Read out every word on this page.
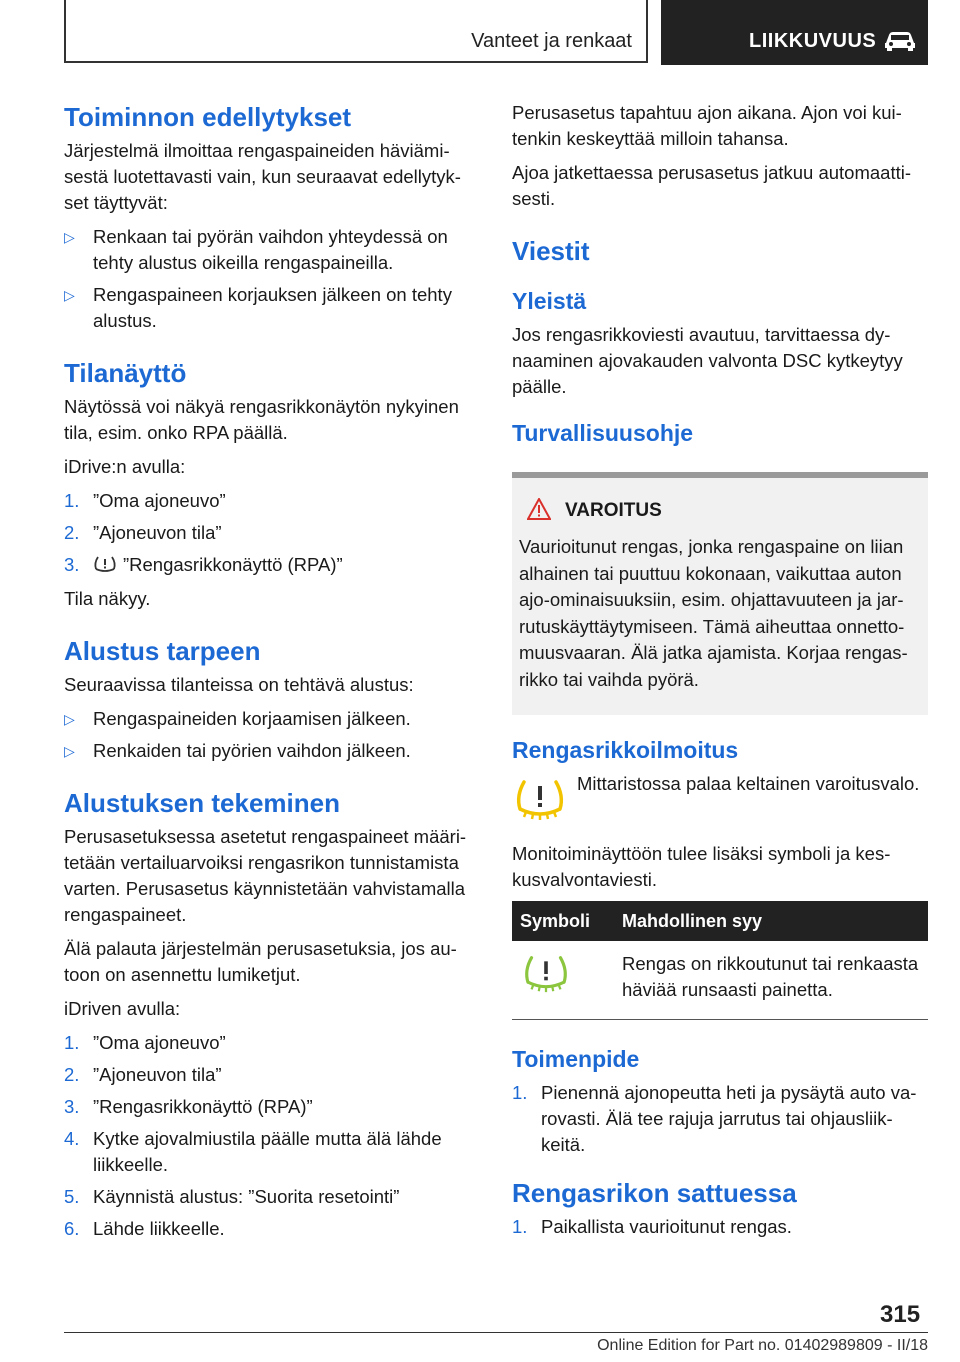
Vanteet ja renkaat	LIIKKUVUUS
Toiminnon edellytykset

Järjestelmä ilmoittaa rengaspaineiden häviämi-sestä luotettavasti vain, kun seuraavat edellytyk-set täyttyvät:

▷ Renkaan tai pyörän vaihdon yhteydessä on tehty alustus oikeilla rengaspaineilla.
▷ Rengaspaineen korjauksen jälkeen on tehty alustus.
Tilanäyttö

Näytössä voi näkyä rengasrikkonäytön nykyinen tila, esim. onko RPA päällä.

iDrive:n avulla:

1. ”Oma ajoneuvo”
2. ”Ajoneuvon tila”
3. ”Rengasrikkonäyttö (RPA)”

Tila näkyy.

Alustus tarpeen

Seuraavissa tilanteissa on tehtävä alustus:

▷ Rengaspaineiden korjaamisen jälkeen.
▷ Renkaiden tai pyörien vaihdon jälkeen.
Alustuksen tekeminen

Perusasetuksessa asetetut rengaspaineet määri-tetään vertailuarvoiksi rengasrikon tunnistamista varten. Perusasetus käynnistetään vahvistamalla rengaspaineet.

Älä palauta järjestelmän perusasetuksia, jos au-toon on asennettu lumiketjut.

iDriven avulla:

1. ”Oma ajoneuvo”
2. ”Ajoneuvon tila”
3. ”Rengasrikkonäyttö (RPA)”
4. Kytke ajovalmiustila päälle mutta älä lähde liikkeelle.
5. Käynnistä alustus: ”Suorita resetointi”
6. Lähde liikkeelle.

Perusasetus tapahtuu ajon aikana. Ajon voi kui-tenkin keskeyttää milloin tahansa.

Ajoa jatkettaessa perusasetus jatkuu automaatti-sesti.

Viestit
Yleistä

Jos rengasrikkoviesti avautuu, tarvittaessa dy-naaminen ajovakauden valvonta DSC kytkeytyy päälle.

Turvallisuusohje
VAROITUS

Vaurioitunut rengas, jonka rengaspaine on liian alhainen tai puuttuu kokonaan, vaikuttaa auton ajo-ominaisuuksiin, esim. ohjattavuuteen ja jar-rutuskäyttäytymiseen. Tämä aiheuttaa onnetto-muusvaaran. Älä jatka ajamista. Korjaa rengas-rikko tai vaihda pyörä.

Rengasrikkoilmoitus

Mittaristossa palaa keltainen varoitusvalo.

Monitoiminäyttöön tulee lisäksi symboli ja kes-kusvalvontaviesti.

Symboli	Mahdollinen syy
	Rengas on rikkoutunut tai renkaasta häviää runsaasti painetta.
Toimenpide
1. Pienennä ajonopeutta heti ja pysäytä auto va-rovasti. Älä tee rajuja jarrutus tai ohjausliik-keitä.
Rengasrikon sattuessa
1. Paikallista vaurioitunut rengas.
315
Online Edition for Part no. 01402989809 - II/18
